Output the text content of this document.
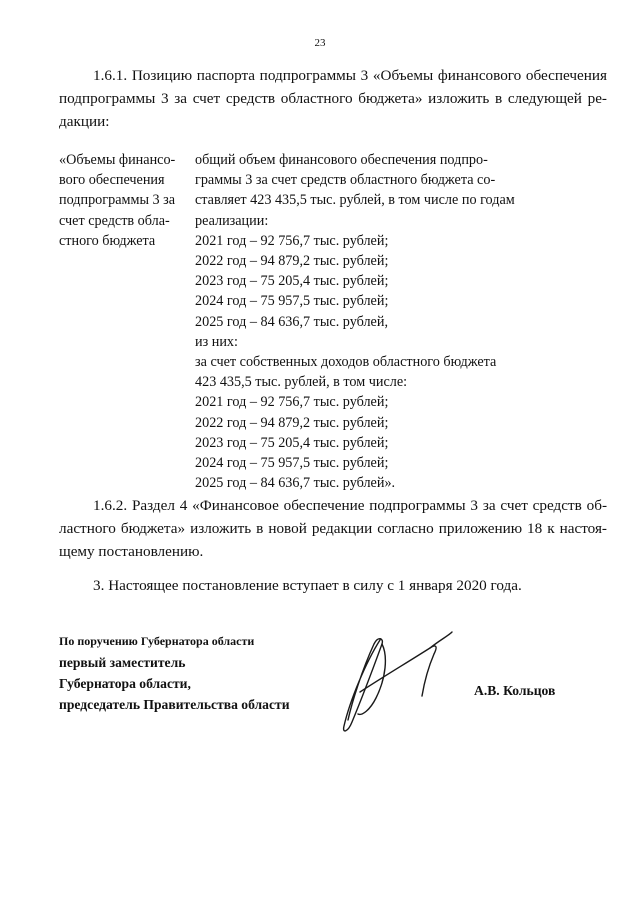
23
1.6.1. Позицию паспорта подпрограммы 3 «Объемы финансового обеспечения
подпрограммы 3 за счет средств областного бюджета» изложить в следующей ре-
дакции:
«Объемы финансо-
вого обеспечения
подпрограммы 3 за
счет средств обла-
стного бюджета
общий объем финансового обеспечения подпро-
граммы 3 за счет средств областного бюджета со-
ставляет 423 435,5 тыс. рублей, в том числе по годам
реализации:
2021 год – 92 756,7 тыс. рублей;
2022 год – 94 879,2 тыс. рублей;
2023 год – 75 205,4 тыс. рублей;
2024 год – 75 957,5 тыс. рублей;
2025 год – 84 636,7 тыс. рублей,
из них:
за счет собственных доходов областного бюджета
423 435,5 тыс. рублей, в том числе:
2021 год – 92 756,7 тыс. рублей;
2022 год – 94 879,2 тыс. рублей;
2023 год – 75 205,4 тыс. рублей;
2024 год – 75 957,5 тыс. рублей;
2025 год – 84 636,7 тыс. рублей».
1.6.2. Раздел 4 «Финансовое обеспечение подпрограммы 3 за счет средств об-
ластного бюджета» изложить в новой редакции согласно приложению 18 к настоя-
щему постановлению.
3. Настоящее постановление вступает в силу с 1 января 2020 года.
По поручению Губернатора области
первый заместитель
Губернатора области,
председатель Правительства области
А.В. Кольцов
